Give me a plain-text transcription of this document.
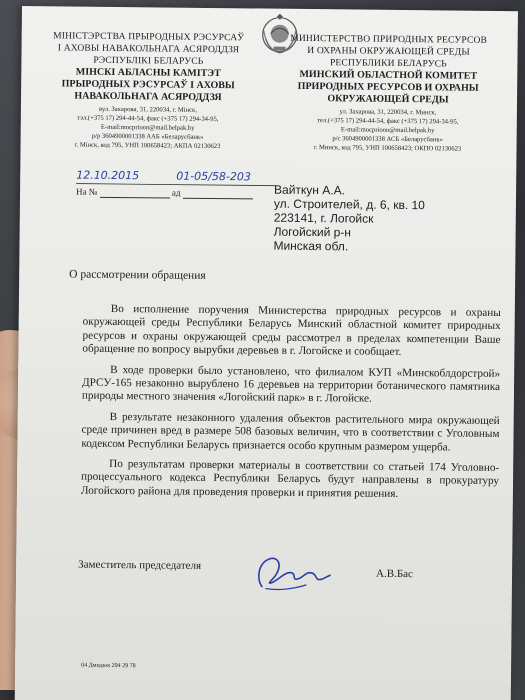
МІНІСТЭРСТВА ПРЫРОДНЫХ РЭСУРСАЎ
І АХОВЫ НАВАКОЛЬНАГА АСЯРОДДЗЯ
РЭСПУБЛІКІ БЕЛАРУСЬ
МІНСКІ АБЛАСНЫ КАМІТЭТ
ПРЫРОДНЫХ РЭСУРСАЎ І АХОВЫ
НАВАКОЛЬНАГА АСЯРОДДЗЯ
вул. Захарова, 31, 220034, г. Мінск,
тэл.(+375 17) 294-44-54, факс (+375 17) 294-34-95,
E-mail:mocprioon@mail.belpak.by
р/р 3604900001338 ААБ «Беларусбанк»
г. Мінск, код 795, УНП 100658423; АКПА 02130623
МИНИСТЕРСТВО ПРИРОДНЫХ РЕСУРСОВ
И ОХРАНЫ ОКРУЖАЮЩЕЙ СРЕДЫ
РЕСПУБЛИКИ БЕЛАРУСЬ
МИНСКИЙ ОБЛАСТНОЙ КОМИТЕТ
ПРИРОДНЫХ РЕСУРСОВ И ОХРАНЫ
ОКРУЖАЮЩЕЙ СРЕДЫ
ул. Захарова, 31, 220034, г. Минск,
тел.(+375 17) 294-44-54, факс (+375 17) 294-34-95,
E-mail:mocprioon@mail.belpak.by
р/с 3604900001338 АСБ «Беларусбанк»
г. Минск, код 795, УНП 100658423; ОКПО 02130623
12.10.2015	01-05/58-203
На №	ад	Вайткун А.А.
ул. Строителей, д. 6, кв. 10
223141, г. Логойск
Логойский р-н
Минская обл.
О рассмотрении обращения

Во исполнение поручения Министерства природных ресурсов и охраны окружающей среды Республики Беларусь Минский областной комитет природных ресурсов и охраны окружающей среды рассмотрел в пределах компетенции Ваше обращение по вопросу вырубки деревьев в г. Логойске и сообщает.

В ходе проверки было установлено, что филиалом КУП «Минскоблдорстрой» ДРСУ-165 незаконно вырублено 16 деревьев на территории ботанического памятника природы местного значения «Логойский парк» в г. Логойске.

В результате незаконного удаления объектов растительного мира окружающей среде причинен вред в размере 508 базовых величин, что в соответствии с Уголовным кодексом Республики Беларусь признается особо крупным размером ущерба.

По результатам проверки материалы в соответствии со статьей 174 Уголовно-процессуального кодекса Республики Беларусь будут направлены в прокуратуру Логойского района для проведения проверки и принятия решения.

Заместитель председателя
А.В.Бас
04 Дмидюк 294 29 78
